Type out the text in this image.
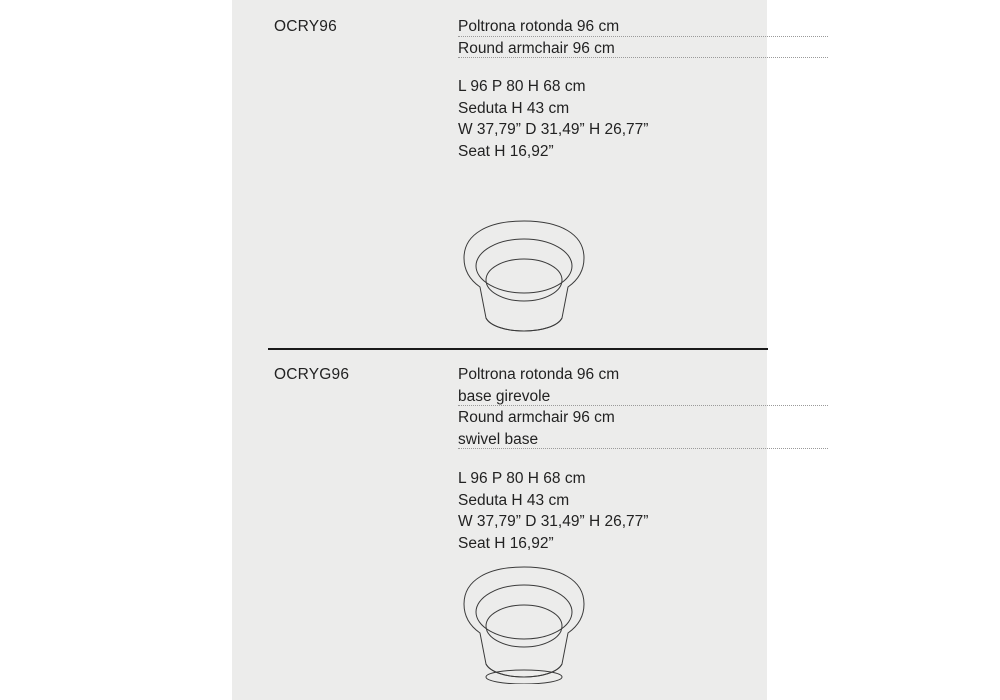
OCRY96	Poltrona rotonda 96 cm
Round armchair 96 cm
L 96 P 80 H 68 cm
Seduta H 43 cm
W 37,79” D 31,49” H 26,77”
Seat H 16,92”
OCRYG96	Poltrona rotonda 96 cm
base girevole
Round armchair 96 cm
swivel base
L 96 P 80 H 68 cm
Seduta H 43 cm
W 37,79” D 31,49” H 26,77”
Seat H 16,92”
